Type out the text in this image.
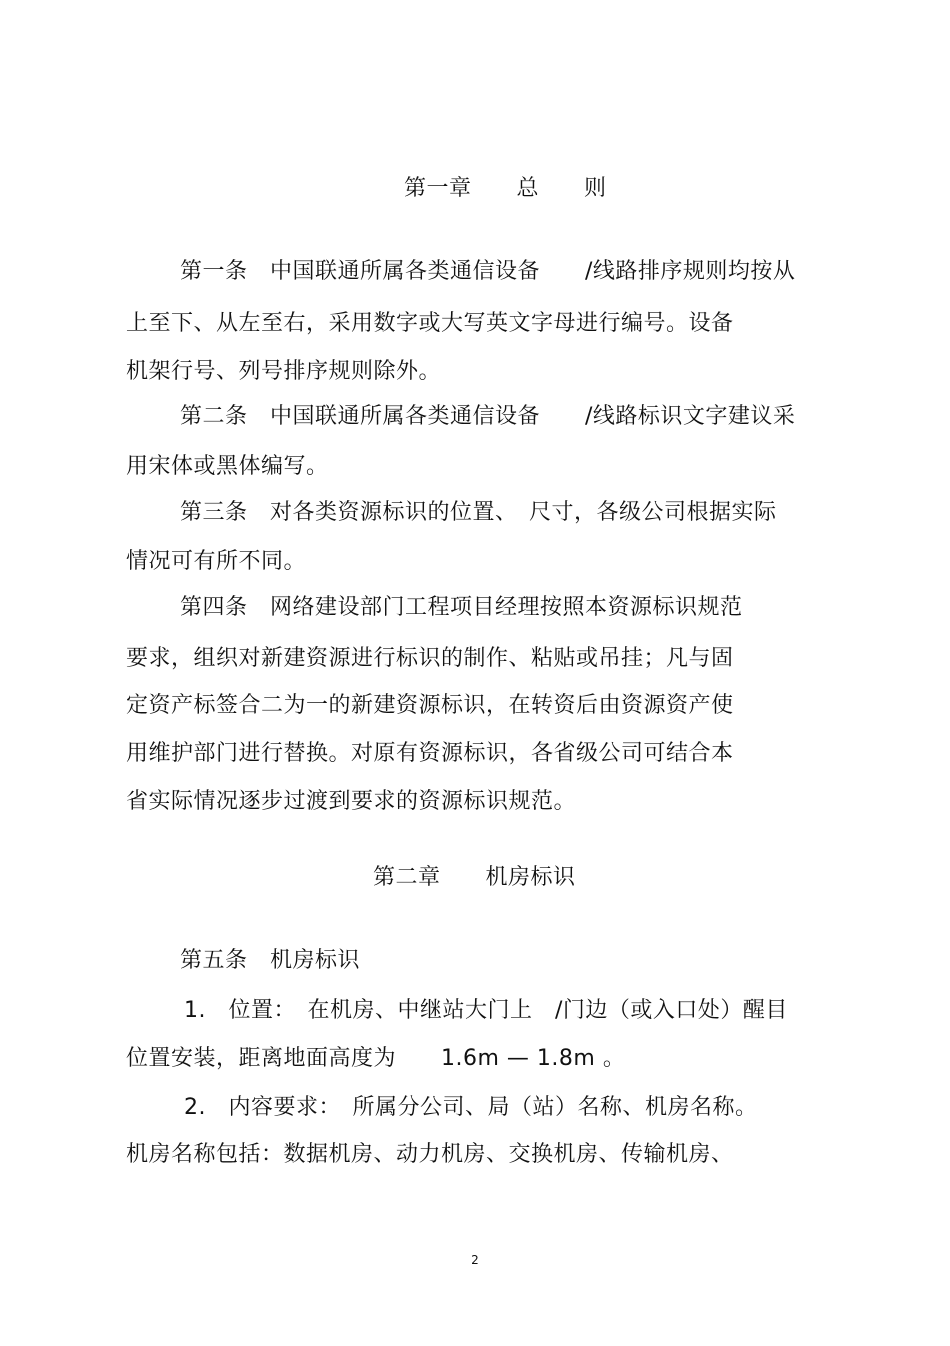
第一章　　总　　则
第一条　中国联通所属各类通信设备　　/线路排序规则均按从
上至下、从左至右，采用数字或大写英文字母进行编号。设备
机架行号、列号排序规则除外。
第二条　中国联通所属各类通信设备　　/线路标识文字建议采
用宋体或黑体编写。
第三条　对各类资源标识的位置、　尺寸，各级公司根据实际
情况可有所不同。
第四条　网络建设部门工程项目经理按照本资源标识规范
要求，组织对新建资源进行标识的制作、粘贴或吊挂；凡与固
定资产标签合二为一的新建资源标识，在转资后由资源资产使
用维护部门进行替换。对原有资源标识，各省级公司可结合本
省实际情况逐步过渡到要求的资源标识规范。
第二章　　机房标识
第五条　机房标识
1.　位置：　在机房、中继站大门上　/门边（或入口处）醒目
位置安装，距离地面高度为　　1.6m — 1.8m 。
2.　内容要求：　所属分公司、局（站）名称、机房名称。
机房名称包括：数据机房、动力机房、交换机房、传输机房、
2
